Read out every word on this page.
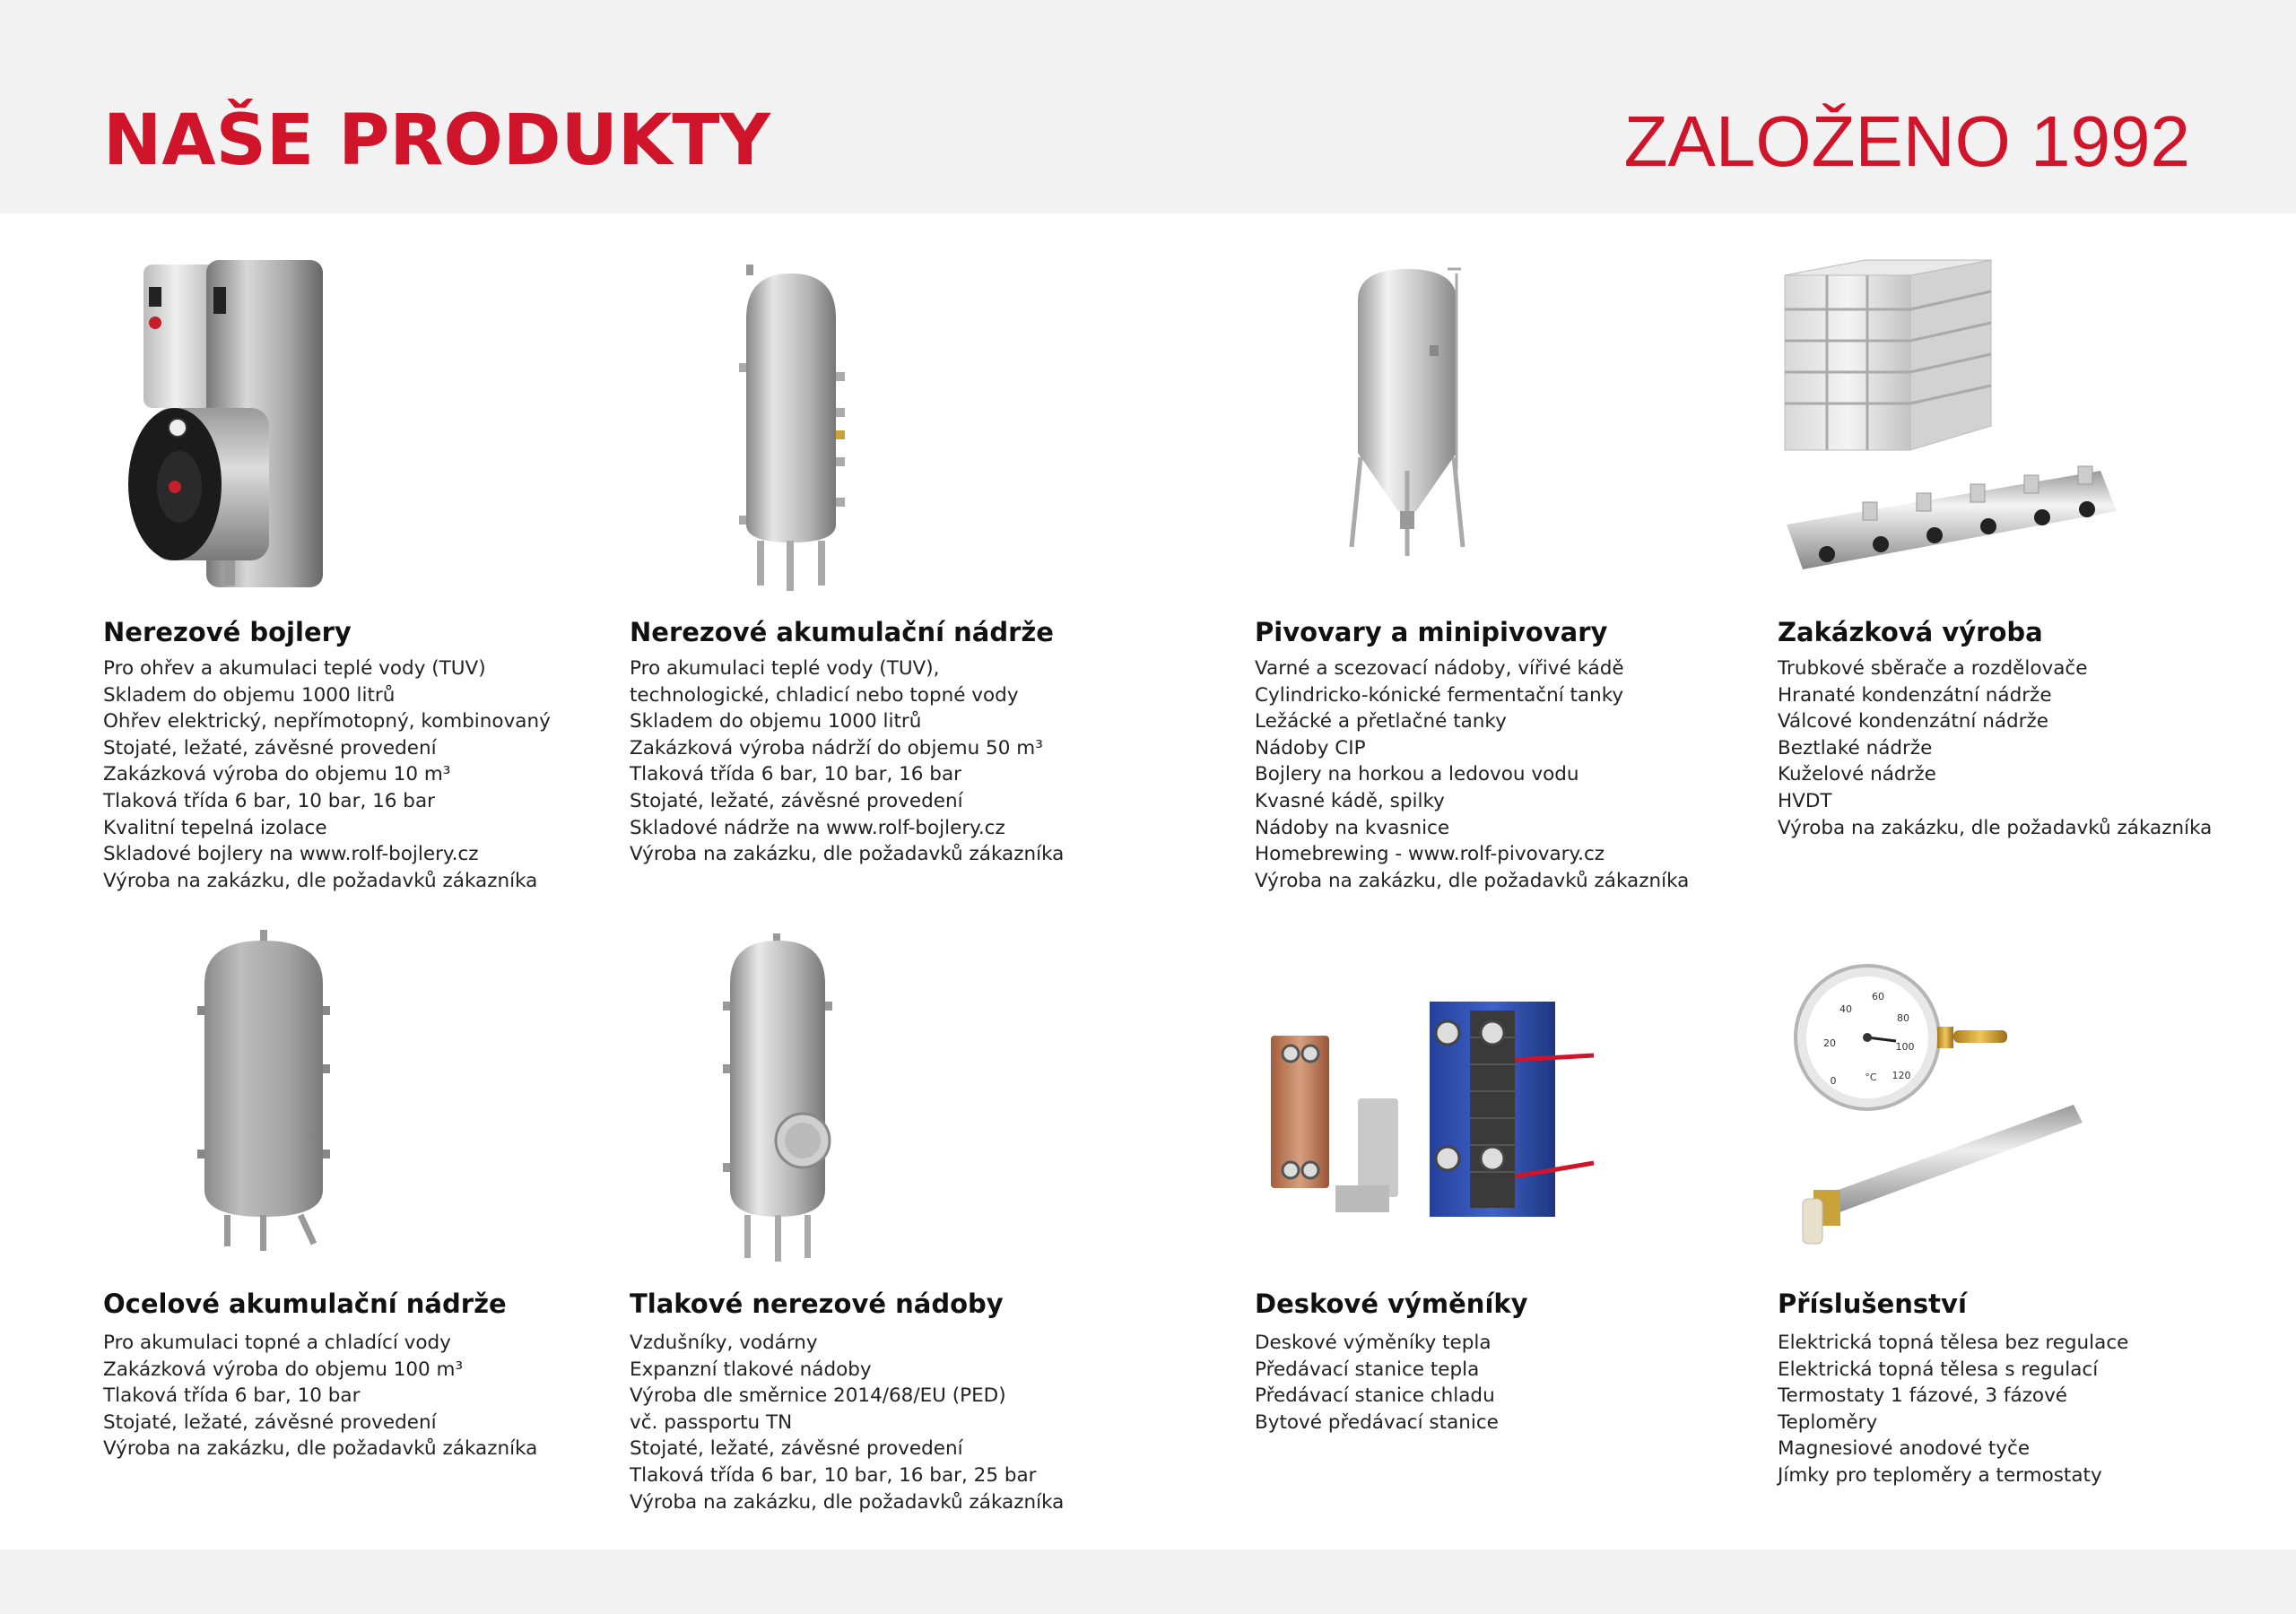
NAŠE PRODUKTY	ZALOŽENO 1992
Nerezové bojlery
Pro ohřev a akumulaci teplé vody (TUV)
Skladem do objemu 1000 litrů
Ohřev elektrický, nepřímotopný, kombinovaný
Stojaté, ležaté, závěsné provedení
Zakázková výroba do objemu 10 m³
Tlaková třída 6 bar, 10 bar, 16 bar
Kvalitní tepelná izolace
Skladové bojlery na www.rolf-bojlery.cz
Výroba na zakázku, dle požadavků zákazníka
Nerezové akumulační nádrže
Pro akumulaci teplé vody (TUV),
technologické, chladicí nebo topné vody
Skladem do objemu 1000 litrů
Zakázková výroba nádrží do objemu 50 m³
Tlaková třída 6 bar, 10 bar, 16 bar
Stojaté, ležaté, závěsné provedení
Skladové nádrže na www.rolf-bojlery.cz
Výroba na zakázku, dle požadavků zákazníka
Pivovary a minipivovary
Varné a scezovací nádoby, vířivé kádě
Cylindricko-kónické fermentační tanky
Ležácké a přetlačné tanky
Nádoby CIP
Bojlery na horkou a ledovou vodu
Kvasné kádě, spilky
Nádoby na kvasnice
Homebrewing - www.rolf-pivovary.cz
Výroba na zakázku, dle požadavků zákazníka
Zakázková výroba
Trubkové sběrače a rozdělovače
Hranaté kondenzátní nádrže
Válcové kondenzátní nádrže
Beztlaké nádrže
Kuželové nádrže
HVDT
Výroba na zakázku, dle požadavků zákazníka
Ocelové akumulační nádrže
Pro akumulaci topné a chladící vody
Zakázková výroba do objemu 100 m³
Tlaková třída 6 bar, 10 bar
Stojaté, ležaté, závěsné provedení
Výroba na zakázku, dle požadavků zákazníka
Tlakové nerezové nádoby
Vzdušníky, vodárny
Expanzní tlakové nádoby
Výroba dle směrnice 2014/68/EU (PED)
vč. passportu TN
Stojaté, ležaté, závěsné provedení
Tlaková třída 6 bar, 10 bar, 16 bar, 25 bar
Výroba na zakázku, dle požadavků zákazníka
Deskové výměníky
Deskové výměníky tepla
Předávací stanice tepla
Předávací stanice chladu
Bytové předávací stanice
0
20
40
60
80
100
120
°C
Příslušenství
Elektrická topná tělesa bez regulace
Elektrická topná tělesa s regulací
Termostaty 1 fázové, 3 fázové
Teploměry
Magnesiové anodové tyče
Jímky pro teploměry a termostaty
